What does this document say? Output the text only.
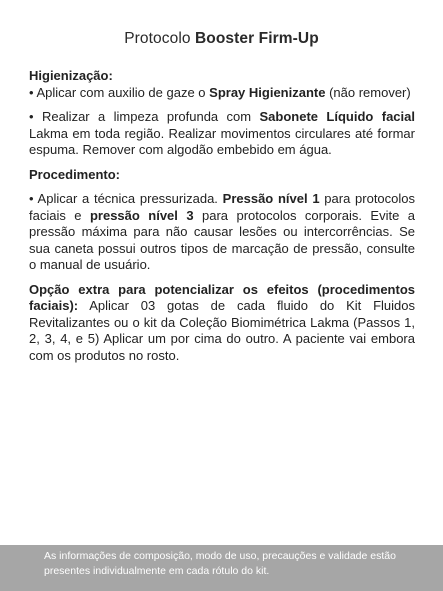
Protocolo Booster Firm-Up
Higienização:

• Aplicar com auxilio de gaze o Spray Higienizante (não remover)

• Realizar a limpeza profunda com Sabonete Líquido facial Lakma em toda região. Realizar movimentos circulares até formar espuma. Remover com algodão embebido em água.

Procedimento:

• Aplicar a técnica pressurizada. Pressão nível 1 para protocolos faciais e pressão nível 3 para protocolos corporais. Evite a pressão máxima para não causar lesões ou intercorrências. Se sua caneta possui outros tipos de marcação de pressão, consulte o manual de usuário.

Opção extra para potencializar os efeitos (procedimentos faciais): Aplicar 03 gotas de cada fluido do Kit Fluidos Revitalizantes ou o kit da Coleção Biomimétrica Lakma (Passos 1, 2, 3, 4, e 5) Aplicar um por cima do outro. A paciente vai embora com os produtos no rosto.

As informações de composição, modo de uso, precauções e validade estão presentes individualmente em cada rótulo do kit.
